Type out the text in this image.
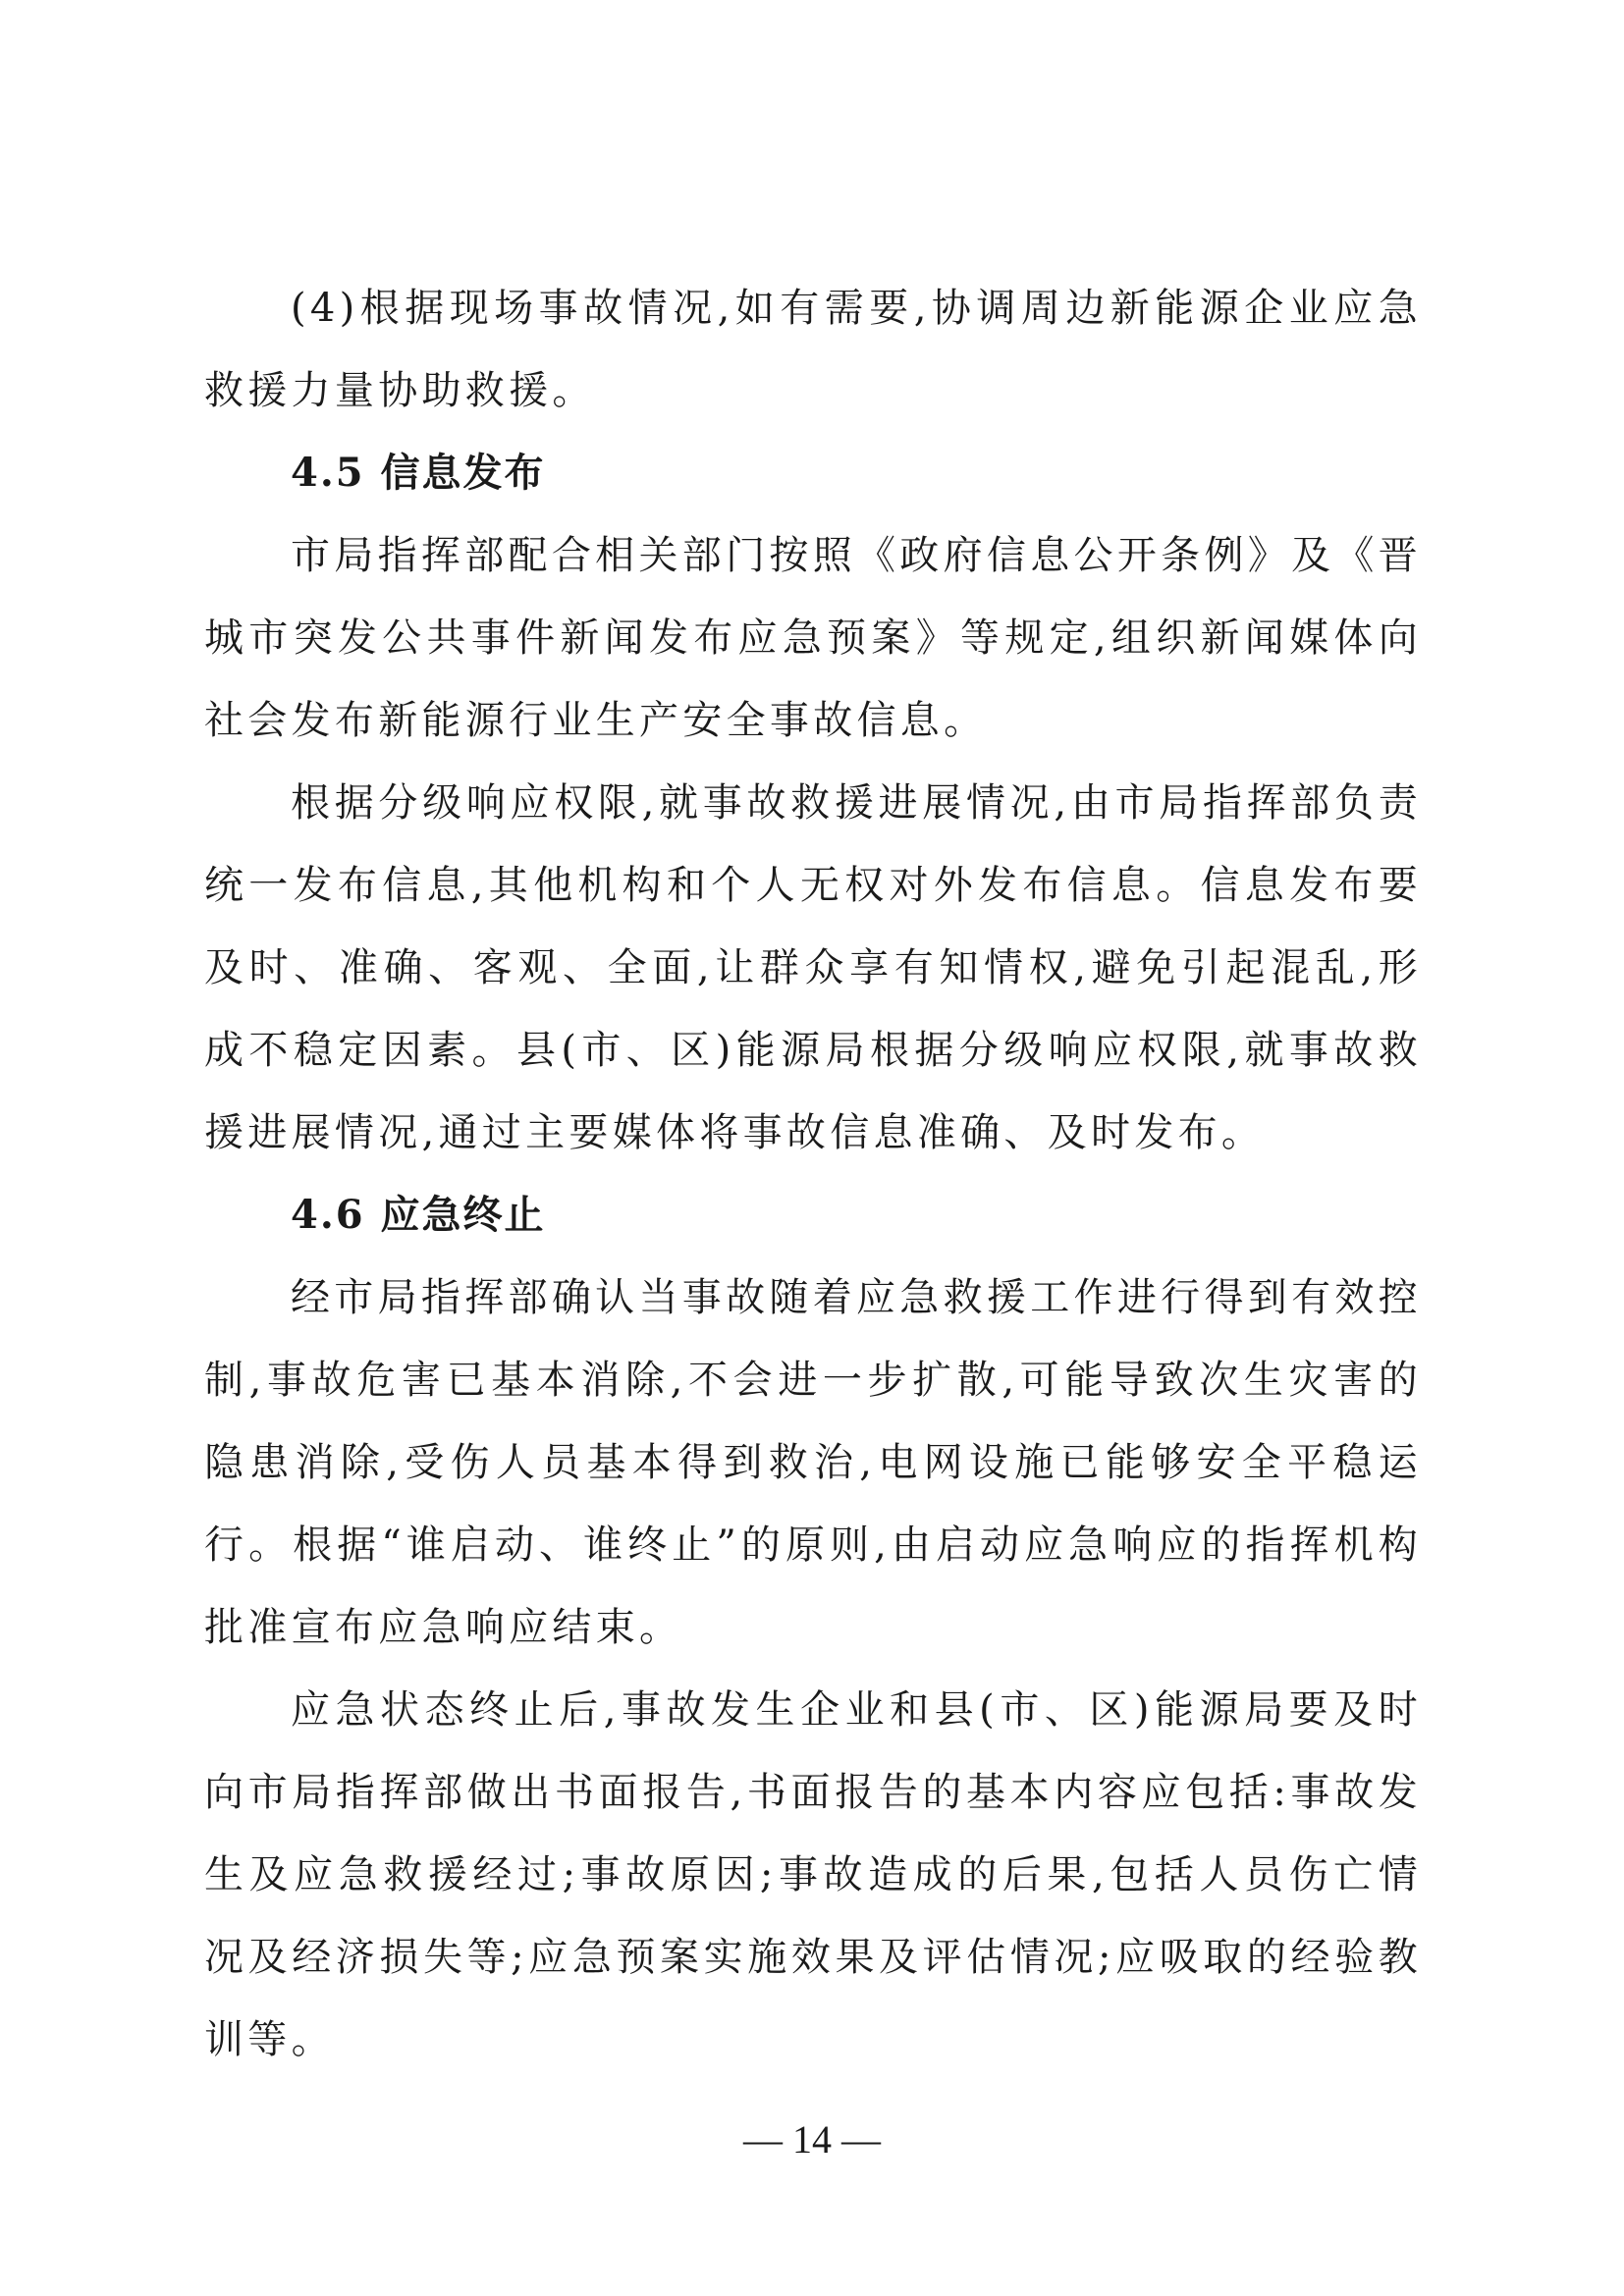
(4)根据现场事故情况,如有需要,协调周边新能源企业应急救援力量协助救援。

4.5 信息发布

市局指挥部配合相关部门按照《政府信息公开条例》及《晋城市突发公共事件新闻发布应急预案》等规定,组织新闻媒体向社会发布新能源行业生产安全事故信息。

根据分级响应权限,就事故救援进展情况,由市局指挥部负责统一发布信息,其他机构和个人无权对外发布信息。信息发布要及时、准确、客观、全面,让群众享有知情权,避免引起混乱,形成不稳定因素。县(市、区)能源局根据分级响应权限,就事故救援进展情况,通过主要媒体将事故信息准确、及时发布。

4.6 应急终止

经市局指挥部确认当事故随着应急救援工作进行得到有效控制,事故危害已基本消除,不会进一步扩散,可能导致次生灾害的隐患消除,受伤人员基本得到救治,电网设施已能够安全平稳运行。根据“谁启动、谁终止”的原则,由启动应急响应的指挥机构批准宣布应急响应结束。

应急状态终止后,事故发生企业和县(市、区)能源局要及时向市局指挥部做出书面报告,书面报告的基本内容应包括:事故发生及应急救援经过;事故原因;事故造成的后果,包括人员伤亡情况及经济损失等;应急预案实施效果及评估情况;应吸取的经验教训等。

— 14 —
